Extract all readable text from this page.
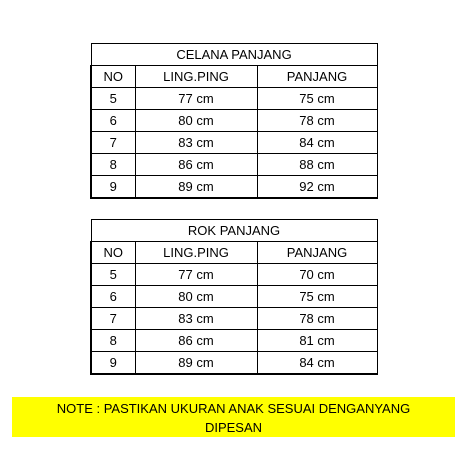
CELANA PANJANG		
NO	LING.PING	PANJANG
5	77 cm	75 cm
6	80 cm	78 cm
7	83 cm	84 cm
8	86 cm	88 cm
9	89 cm	92 cm
ROK PANJANG		
NO	LING.PING	PANJANG
5	77 cm	70 cm
6	80 cm	75 cm
7	83 cm	78 cm
8	86 cm	81 cm
9	89 cm	84 cm
NOTE : PASTIKAN UKURAN ANAK SESUAI DENGANYANG
DIPESAN
